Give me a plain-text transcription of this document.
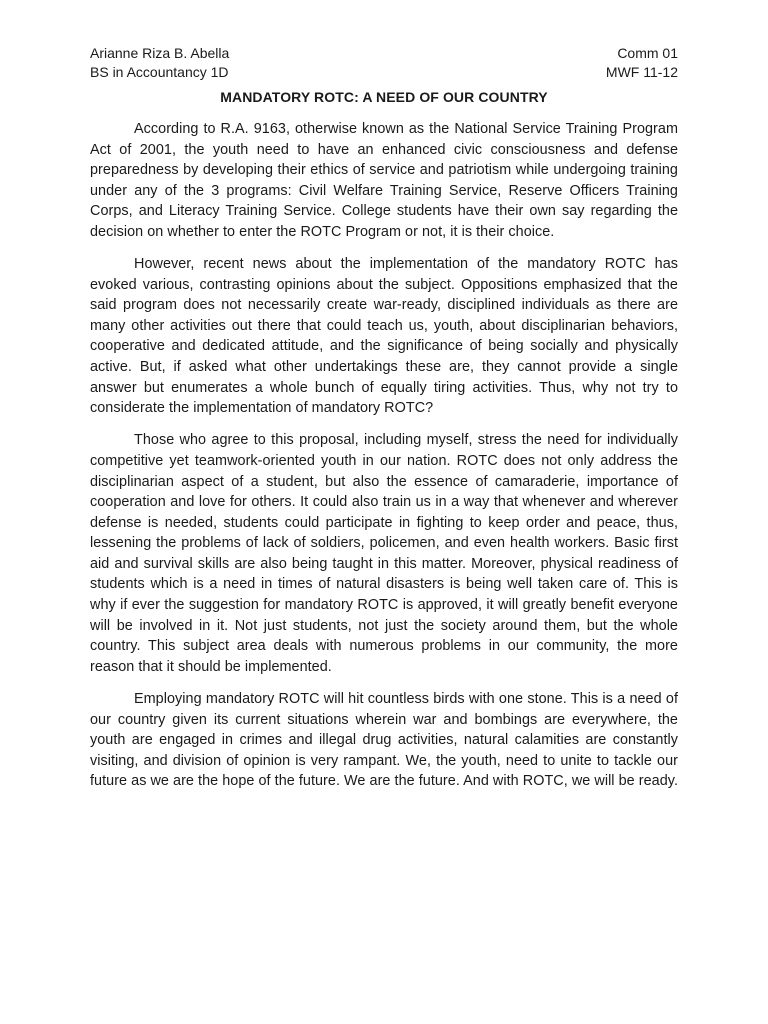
Arianne Riza B. Abella	Comm 01
BS in Accountancy 1D	MWF 11-12
MANDATORY ROTC: A NEED OF OUR COUNTRY

According to R.A. 9163, otherwise known as the National Service Training Program Act of 2001, the youth need to have an enhanced civic consciousness and defense preparedness by developing their ethics of service and patriotism while undergoing training under any of the 3 programs: Civil Welfare Training Service, Reserve Officers Training Corps, and Literacy Training Service. College students have their own say regarding the decision on whether to enter the ROTC Program or not, it is their choice.

However, recent news about the implementation of the mandatory ROTC has evoked various, contrasting opinions about the subject. Oppositions emphasized that the said program does not necessarily create war-ready, disciplined individuals as there are many other activities out there that could teach us, youth, about disciplinarian behaviors, cooperative and dedicated attitude, and the significance of being socially and physically active. But, if asked what other undertakings these are, they cannot provide a single answer but enumerates a whole bunch of equally tiring activities. Thus, why not try to considerate the implementation of mandatory ROTC?

Those who agree to this proposal, including myself, stress the need for individually competitive yet teamwork-oriented youth in our nation. ROTC does not only address the disciplinarian aspect of a student, but also the essence of camaraderie, importance of cooperation and love for others. It could also train us in a way that whenever and wherever defense is needed, students could participate in fighting to keep order and peace, thus, lessening the problems of lack of soldiers, policemen, and even health workers. Basic first aid and survival skills are also being taught in this matter. Moreover, physical readiness of students which is a need in times of natural disasters is being well taken care of. This is why if ever the suggestion for mandatory ROTC is approved, it will greatly benefit everyone will be involved in it. Not just students, not just the society around them, but the whole country. This subject area deals with numerous problems in our community, the more reason that it should be implemented.

Employing mandatory ROTC will hit countless birds with one stone. This is a need of our country given its current situations wherein war and bombings are everywhere, the youth are engaged in crimes and illegal drug activities, natural calamities are constantly visiting, and division of opinion is very rampant. We, the youth, need to unite to tackle our future as we are the hope of the future. We are the future. And with ROTC, we will be ready.
